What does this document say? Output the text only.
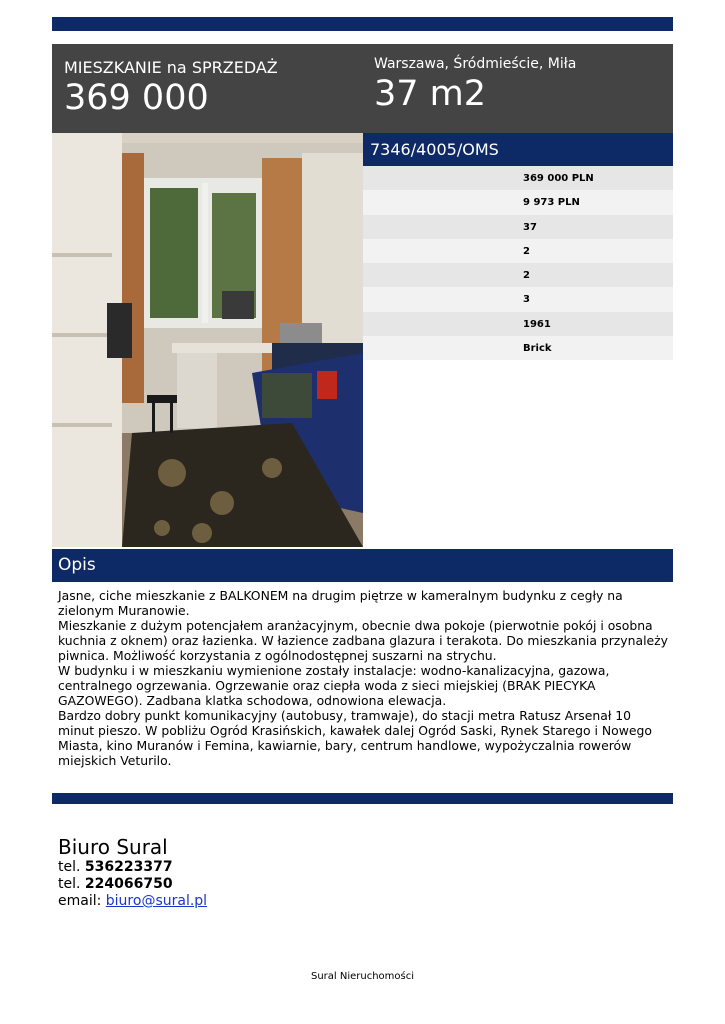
MIESZKANIE na SPRZEDAŻ
369 000
Warszawa, Śródmieście, Miła
37 m2
7346/4005/OMS
369 000 PLN
9 973 PLN
37
2
2
3
1961
Brick
Opis

Jasne, ciche mieszkanie z BALKONEM na drugim piętrze w kameralnym budynku z cegły na zielonym Muranowie.

Mieszkanie z dużym potencjałem aranżacyjnym, obecnie dwa pokoje (pierwotnie pokój i osobna kuchnia z oknem) oraz łazienka. W łazience zadbana glazura i terakota. Do mieszkania przynależy piwnica. Możliwość korzystania z ogólnodostępnej suszarni na strychu.

W budynku i w mieszkaniu wymienione zostały instalacje: wodno-kanalizacyjna, gazowa, centralnego ogrzewania. Ogrzewanie oraz ciepła woda z sieci miejskiej (BRAK PIECYKA GAZOWEGO). Zadbana klatka schodowa, odnowiona elewacja.

Bardzo dobry punkt komunikacyjny (autobusy, tramwaje), do stacji metra Ratusz Arsenał 10 minut pieszo. W pobliżu Ogród Krasińskich, kawałek dalej Ogród Saski, Rynek Starego i Nowego Miasta, kino Muranów i Femina, kawiarnie, bary, centrum handlowe, wypożyczalnia rowerów miejskich Veturilo.

Biuro Sural
tel. 536223377
tel. 224066750
email: biuro@sural.pl
Sural Nieruchomości
